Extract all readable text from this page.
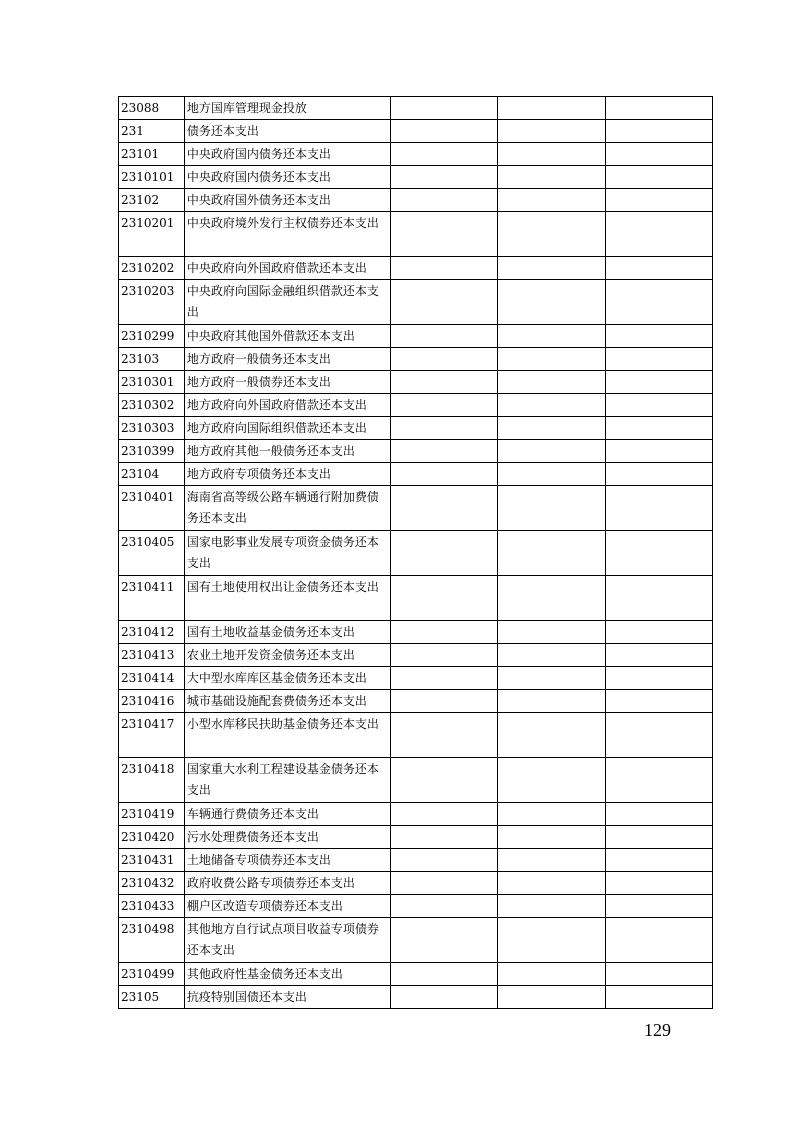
23088	地方国库管理现金投放			
231	债务还本支出			
23101	中央政府国内债务还本支出			
2310101	中央政府国内债务还本支出			
23102	中央政府国外债务还本支出			
2310201	中央政府境外发行主权债券还本支出			
2310202	中央政府向外国政府借款还本支出			
2310203	中央政府向国际金融组织借款还本支出			
2310299	中央政府其他国外借款还本支出			
23103	地方政府一般债务还本支出			
2310301	地方政府一般债券还本支出			
2310302	地方政府向外国政府借款还本支出			
2310303	地方政府向国际组织借款还本支出			
2310399	地方政府其他一般债务还本支出			
23104	地方政府专项债务还本支出			
2310401	海南省高等级公路车辆通行附加费债务还本支出			
2310405	国家电影事业发展专项资金债务还本支出			
2310411	国有土地使用权出让金债务还本支出			
2310412	国有土地收益基金债务还本支出			
2310413	农业土地开发资金债务还本支出			
2310414	大中型水库库区基金债务还本支出			
2310416	城市基础设施配套费债务还本支出			
2310417	小型水库移民扶助基金债务还本支出			
2310418	国家重大水利工程建设基金债务还本支出			
2310419	车辆通行费债务还本支出			
2310420	污水处理费债务还本支出			
2310431	土地储备专项债券还本支出			
2310432	政府收费公路专项债券还本支出			
2310433	棚户区改造专项债券还本支出			
2310498	其他地方自行试点项目收益专项债券还本支出			
2310499	其他政府性基金债务还本支出			
23105	抗疫特别国债还本支出			
129
